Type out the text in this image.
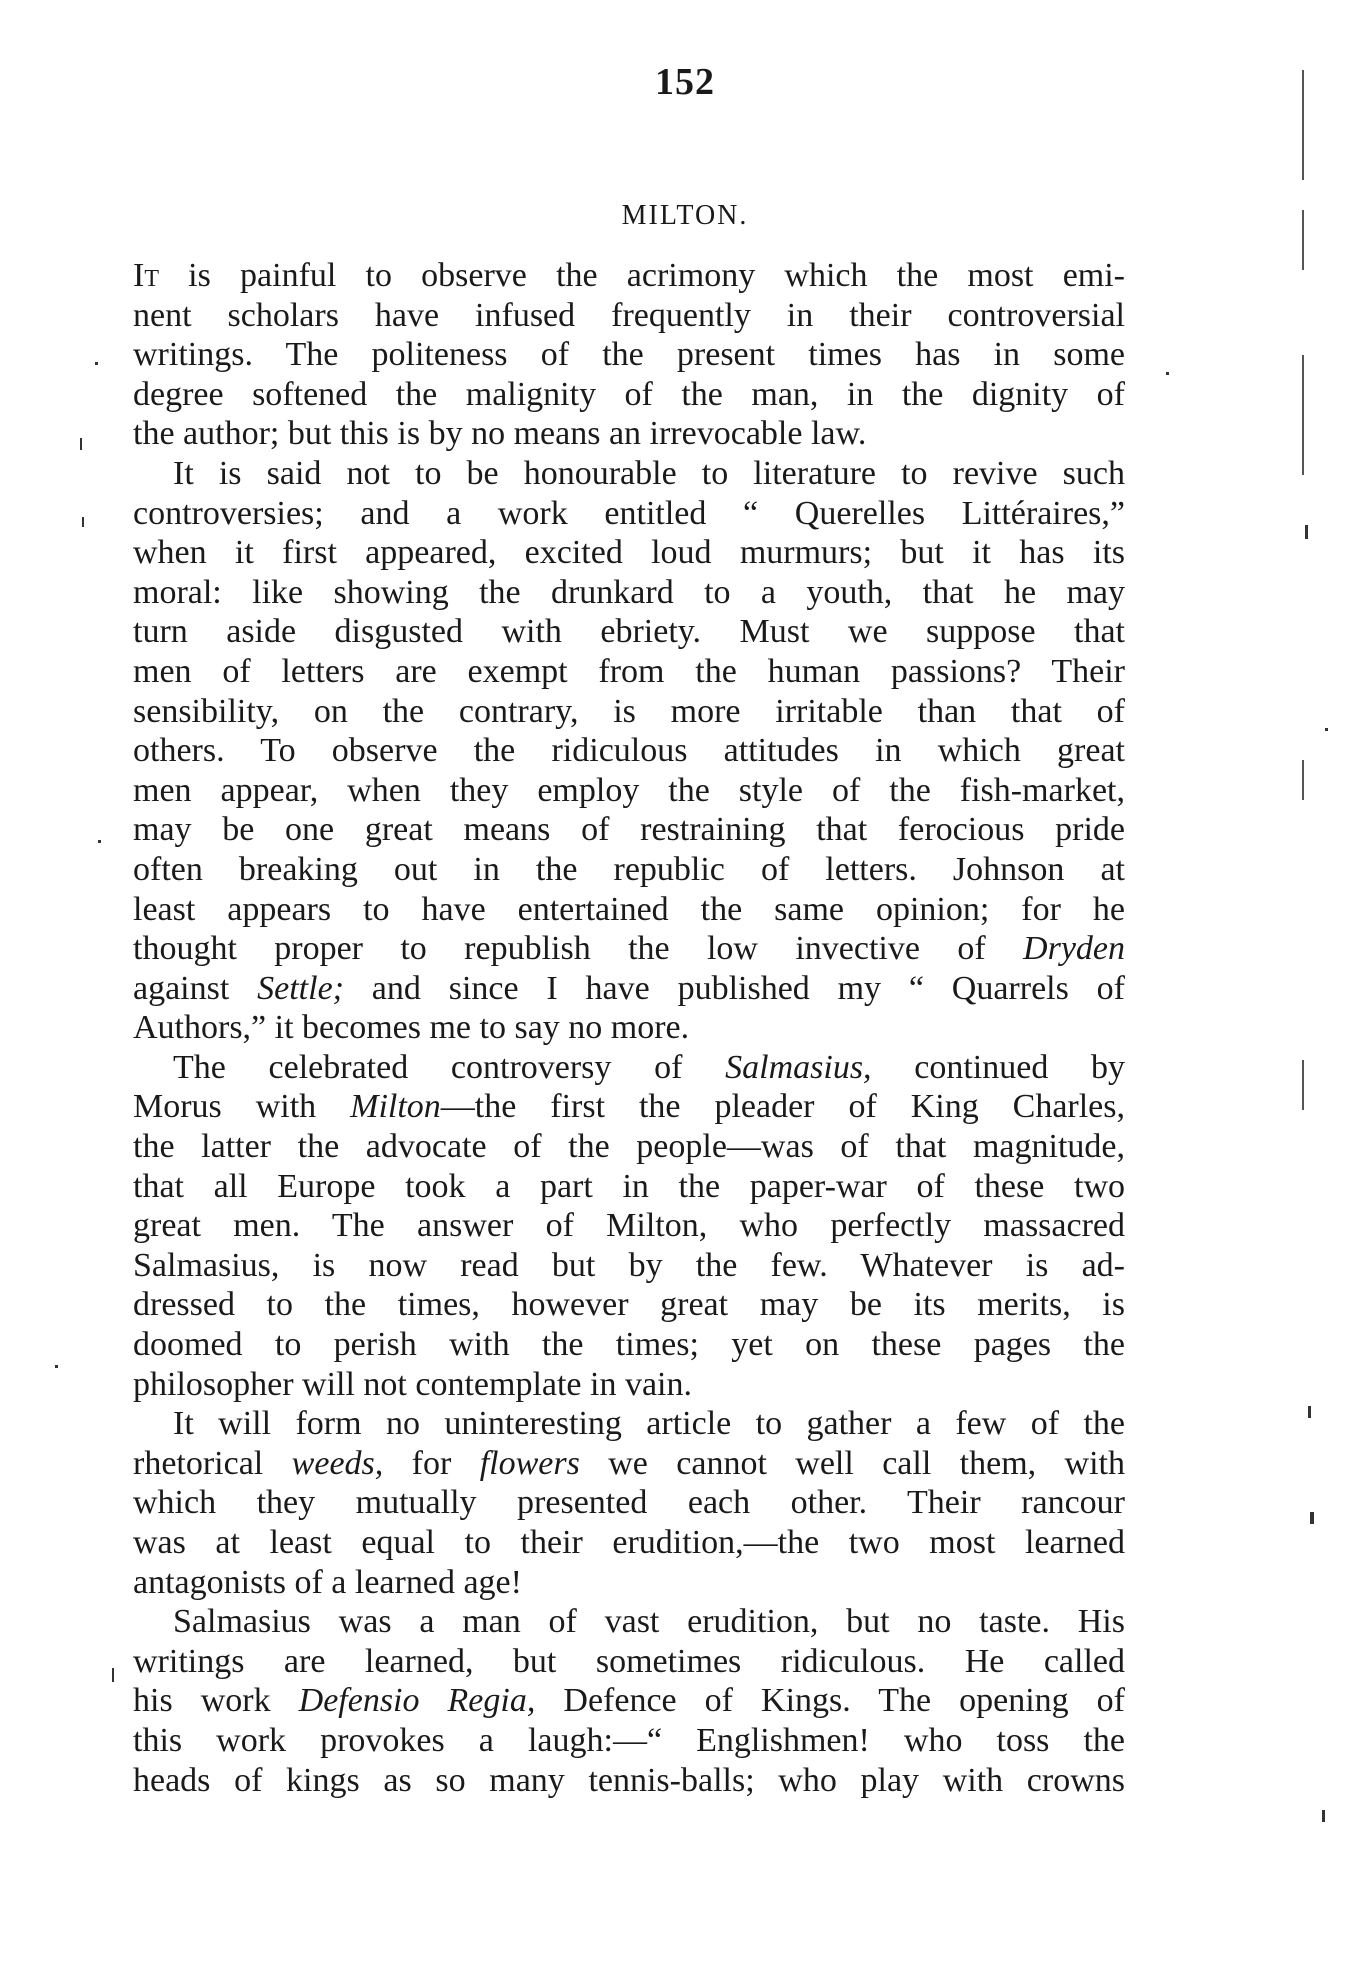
152
MILTON.
It is painful to observe the acrimony which the most emi-
nent scholars have infused frequently in their controversial
writings. The politeness of the present times has in some
degree softened the malignity of the man, in the dignity of
the author; but this is by no means an irrevocable law.
It is said not to be honourable to literature to revive such
controversies; and a work entitled “ Querelles Littéraires,”
when it first appeared, excited loud murmurs; but it has its
moral: like showing the drunkard to a youth, that he may
turn aside disgusted with ebriety. Must we suppose that
men of letters are exempt from the human passions? Their
sensibility, on the contrary, is more irritable than that of
others. To observe the ridiculous attitudes in which great
men appear, when they employ the style of the fish-market,
may be one great means of restraining that ferocious pride
often breaking out in the republic of letters. Johnson at
least appears to have entertained the same opinion; for he
thought proper to republish the low invective of Dryden
against Settle; and since I have published my “ Quarrels of
Authors,” it becomes me to say no more.
The celebrated controversy of Salmasius, continued by
Morus with Milton—the first the pleader of King Charles,
the latter the advocate of the people—was of that magnitude,
that all Europe took a part in the paper-war of these two
great men. The answer of Milton, who perfectly massacred
Salmasius, is now read but by the few. Whatever is ad-
dressed to the times, however great may be its merits, is
doomed to perish with the times; yet on these pages the
philosopher will not contemplate in vain.
It will form no uninteresting article to gather a few of the
rhetorical weeds, for flowers we cannot well call them, with
which they mutually presented each other. Their rancour
was at least equal to their erudition,—the two most learned
antagonists of a learned age!
Salmasius was a man of vast erudition, but no taste. His
writings are learned, but sometimes ridiculous. He called
his work Defensio Regia, Defence of Kings. The opening of
this work provokes a laugh:—“ Englishmen! who toss the
heads of kings as so many tennis-balls; who play with crowns
